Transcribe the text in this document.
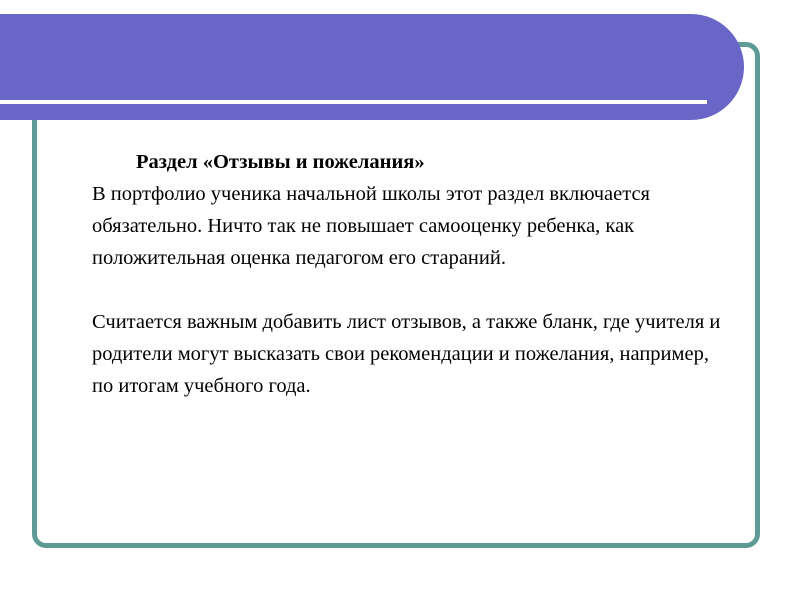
Раздел «Отзывы и пожелания»

В портфолио ученика начальной школы этот раздел включается обязательно. Ничто так не повышает самооценку ребенка, как положительная оценка педагогом его стараний.

Считается важным добавить лист отзывов, а также бланк, где учителя и родители могут высказать свои рекомендации и пожелания, например, по итогам учебного года.
